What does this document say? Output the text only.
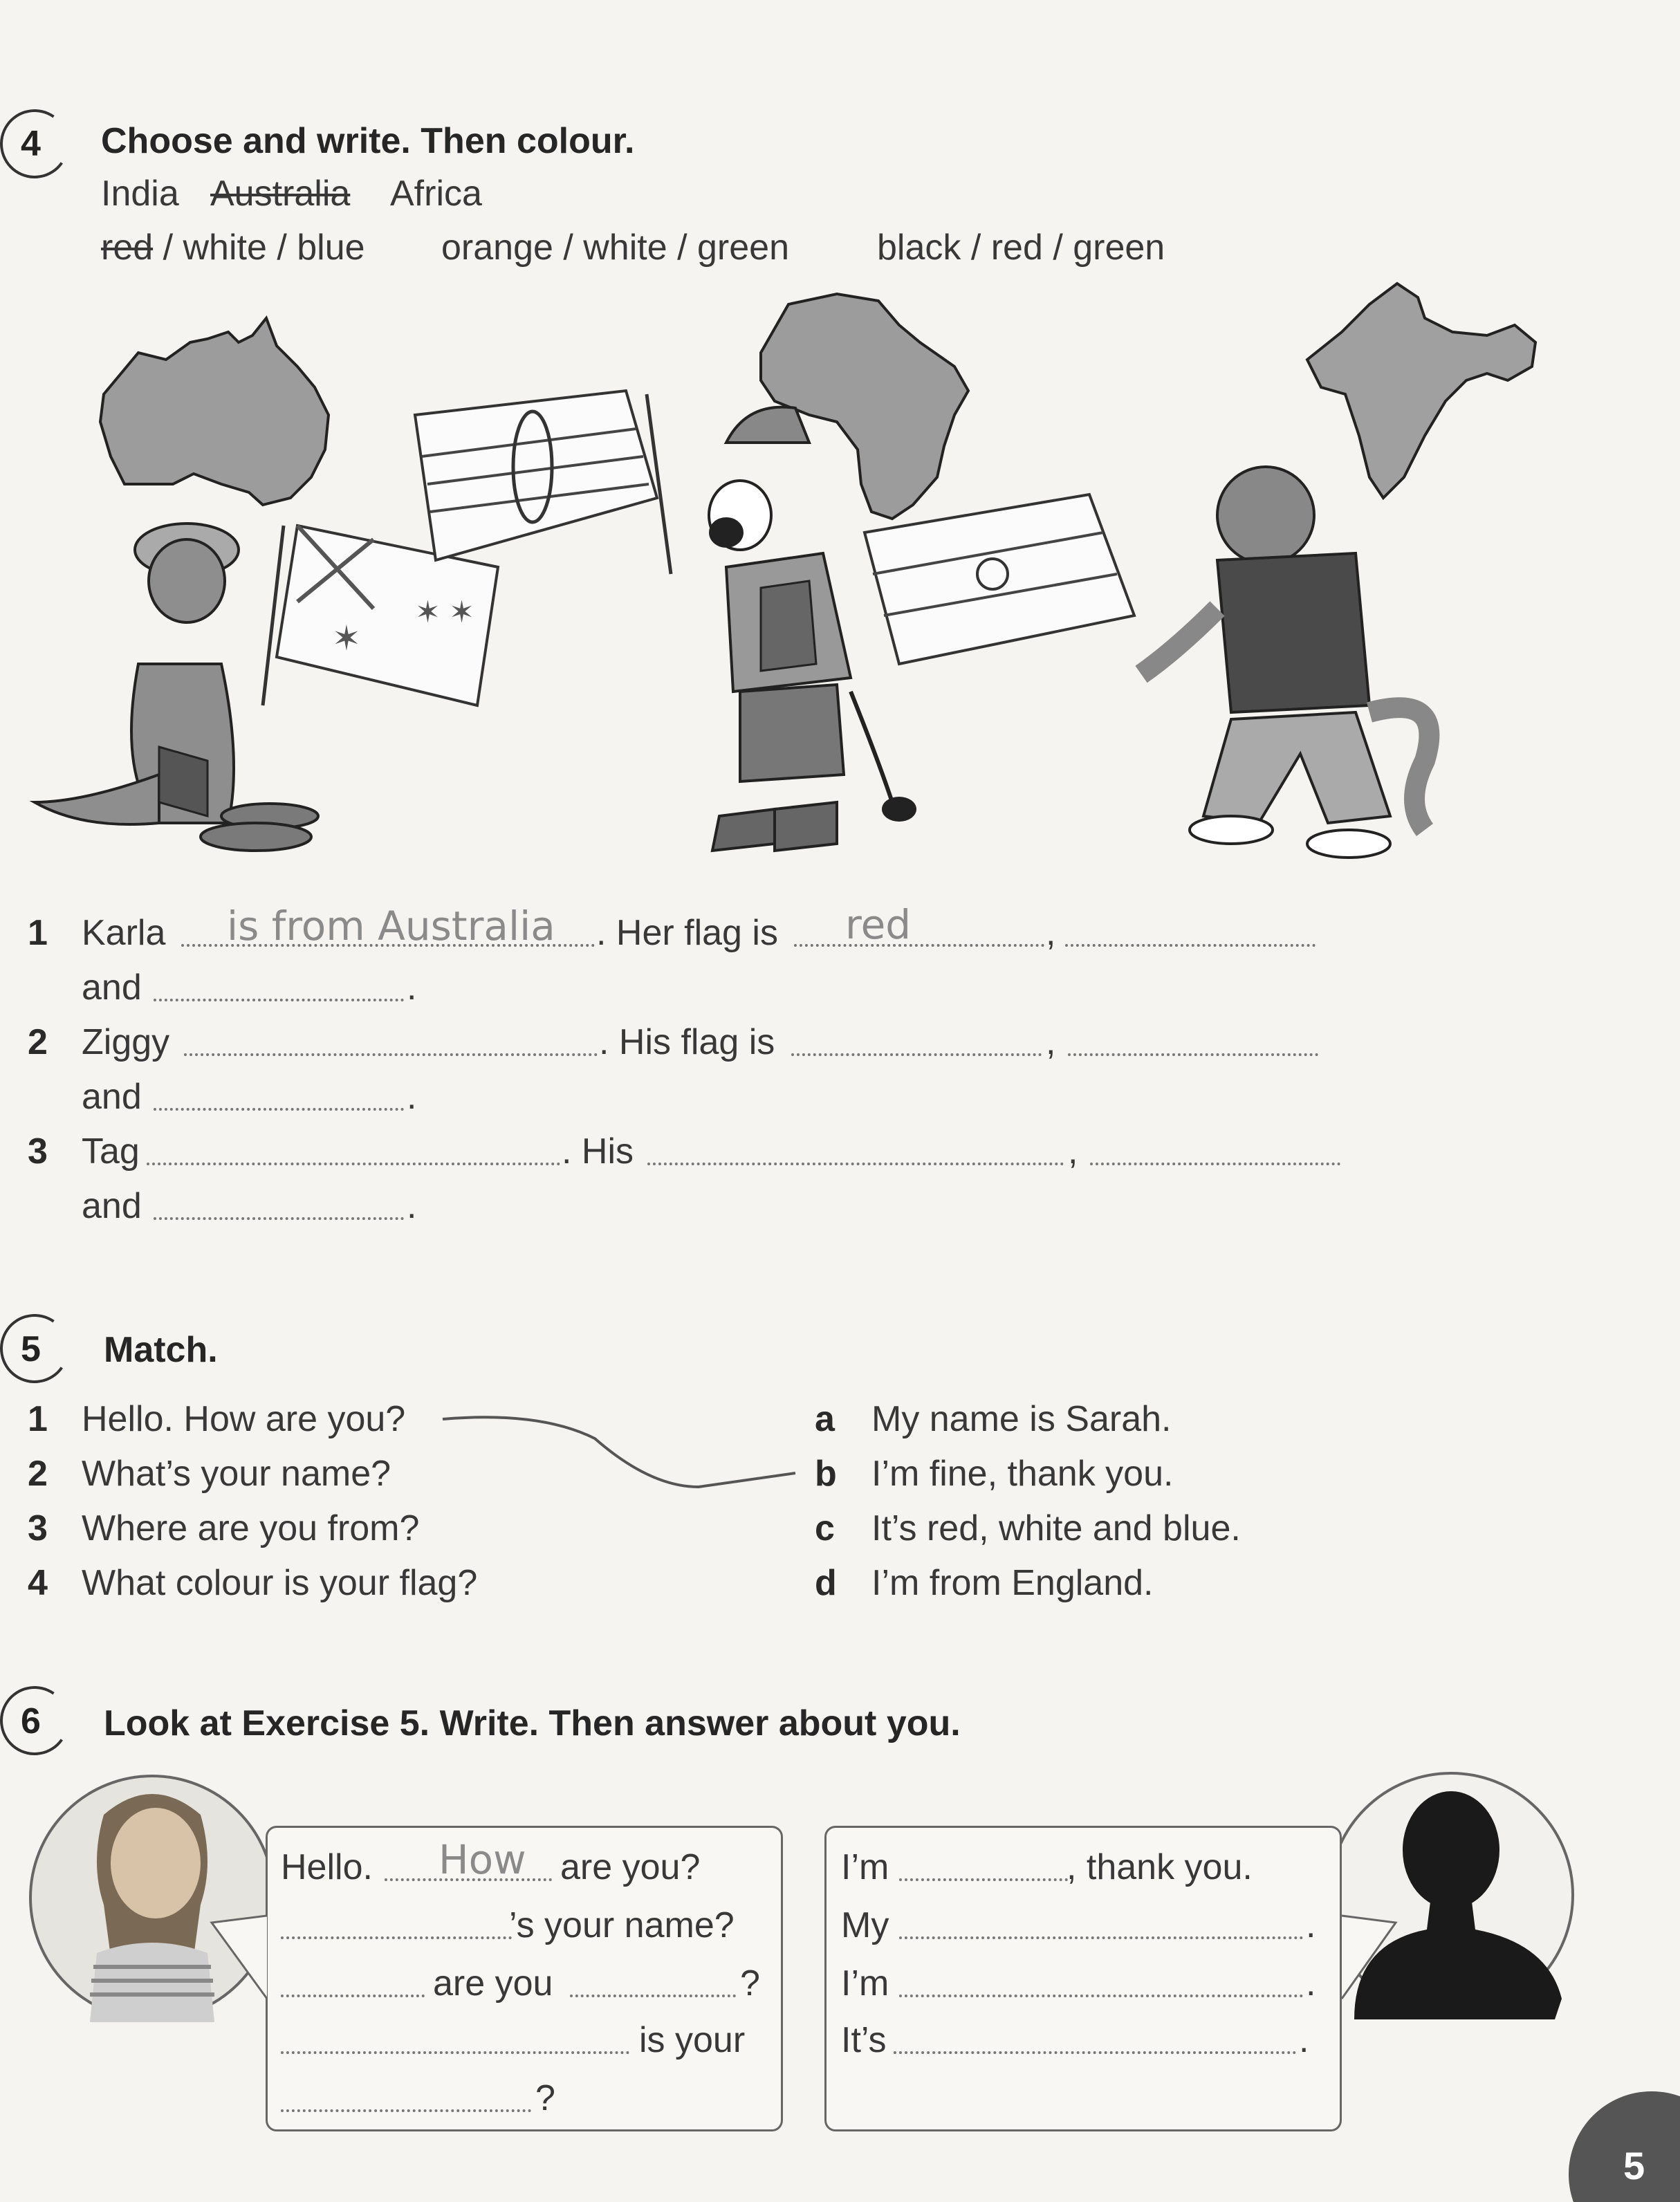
4 Choose and write. Then colour.
India Australia Africa
red / white / blue orange / white / green black / red / green
✶ ✶
✶
1 Karla is from Australia . Her flag is red	,
and	.
2 Ziggy	. His flag is	,
and	.
3 Tag	. His	,
and	.
5 Match.
1 Hello. How are you?
2 What’s your name?
3 Where are you from?
4 What colour is your flag?
a My name is Sarah.
b I’m fine, thank you.
c It’s red, white and blue.
d I’m from England.
6 Look at Exercise 5. Write. Then answer about you.
Hello. How are you?
’s your name?
are you	?
is your
?
I’m	, thank you.
My	.
I’m	.
It’s	.
5
